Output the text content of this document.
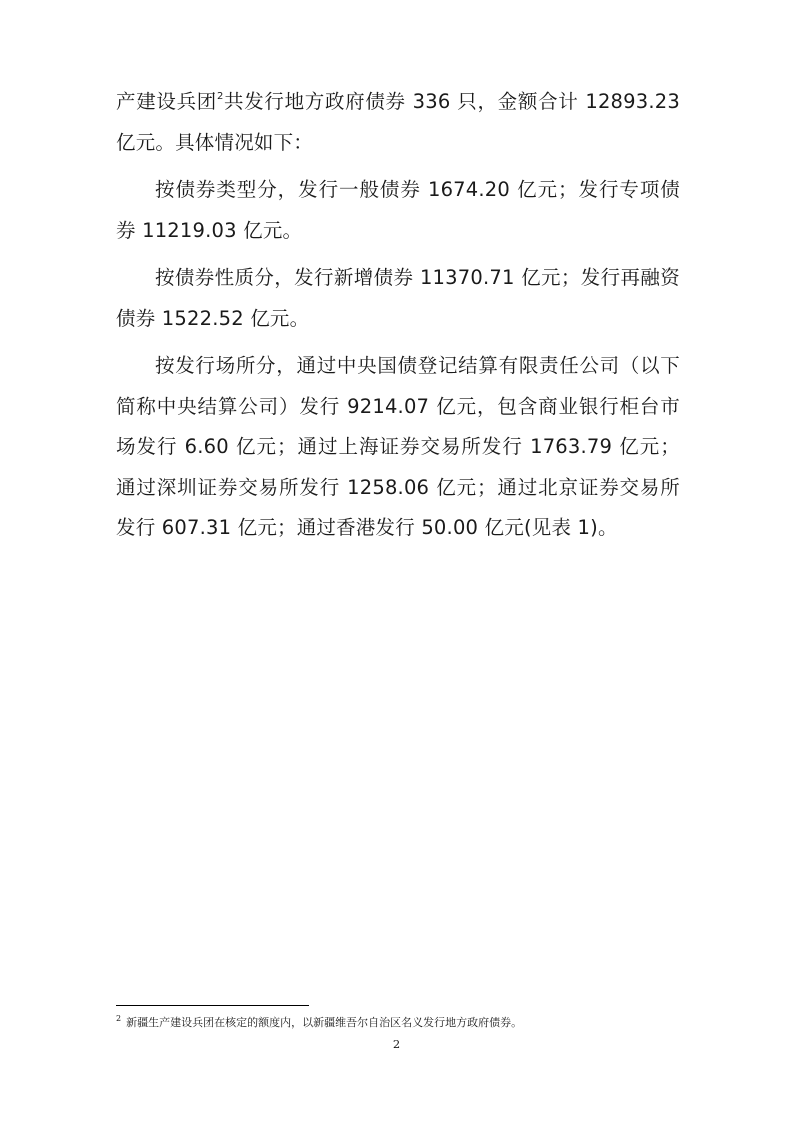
产建设兵团$^2$共发行地方政府债券 336 只，金额合计 12893.23 亿元。具体情况如下：

按债券类型分，发行一般债券 1674.20 亿元；发行专项债券 11219.03 亿元。

按债券性质分，发行新增债券 11370.71 亿元；发行再融资债券 1522.52 亿元。

按发行场所分，通过中央国债登记结算有限责任公司（以下简称中央结算公司）发行 9214.07 亿元，包含商业银行柜台市场发行 6.60 亿元；通过上海证券交易所发行 1763.79 亿元；通过深圳证券交易所发行 1258.06 亿元；通过北京证券交易所发行 607.31 亿元；通过香港发行 50.00 亿元(见表 1)。

$^2$ 新疆生产建设兵团在核定的额度内，以新疆维吾尔自治区名义发行地方政府债券。
2
